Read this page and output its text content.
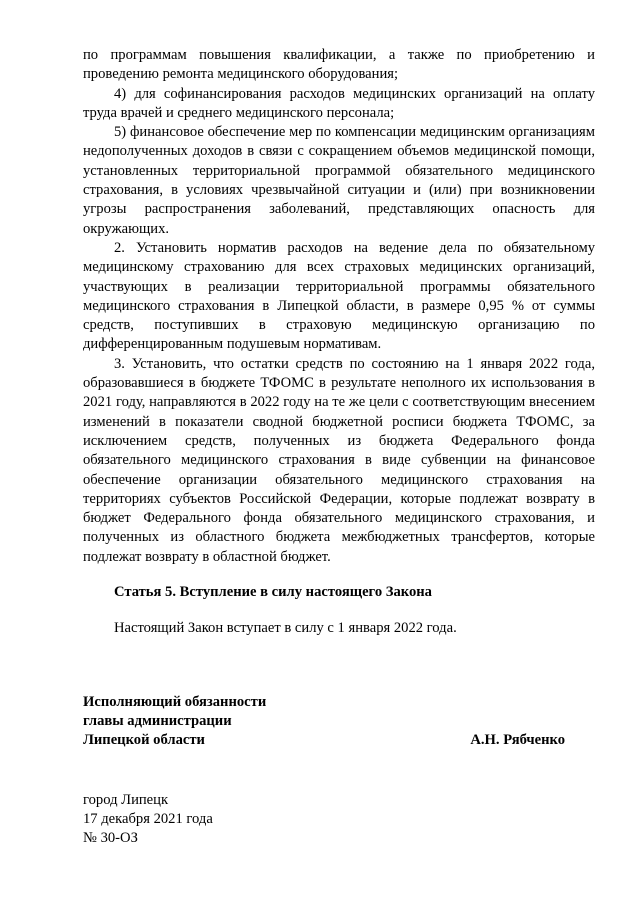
по программам повышения квалификации, а также по приобретению и проведению ремонта медицинского оборудования;

4) для софинансирования расходов медицинских организаций на оплату труда врачей и среднего медицинского персонала;

5) финансовое обеспечение мер по компенсации медицинским организациям недополученных доходов в связи с сокращением объемов медицинской помощи, установленных территориальной программой обязательного медицинского страхования, в условиях чрезвычайной ситуации и (или) при возникновении угрозы распространения заболеваний, представляющих опасность для окружающих.

2. Установить норматив расходов на ведение дела по обязательному медицинскому страхованию для всех страховых медицинских организаций, участвующих в реализации территориальной программы обязательного медицинского страхования в Липецкой области, в размере 0,95 % от суммы средств, поступивших в страховую медицинскую организацию по дифференцированным подушевым нормативам.

3. Установить, что остатки средств по состоянию на 1 января 2022 года, образовавшиеся в бюджете ТФОМС в результате неполного их использования в 2021 году, направляются в 2022 году на те же цели с соответствующим внесением изменений в показатели сводной бюджетной росписи бюджета ТФОМС, за исключением средств, полученных из бюджета Федерального фонда обязательного медицинского страхования в виде субвенции на финансовое обеспечение организации обязательного медицинского страхования на территориях субъектов Российской Федерации, которые подлежат возврату в бюджет Федерального фонда обязательного медицинского страхования, и полученных из областного бюджета межбюджетных трансфертов, которые подлежат возврату в областной бюджет.

Статья 5. Вступление в силу настоящего Закона

Настоящий Закон вступает в силу с 1 января 2022 года.

Исполняющий обязанности
главы администрации
Липецкой области	А.Н. Рябченко
город Липецк
17 декабря 2021 года
№ 30-ОЗ
